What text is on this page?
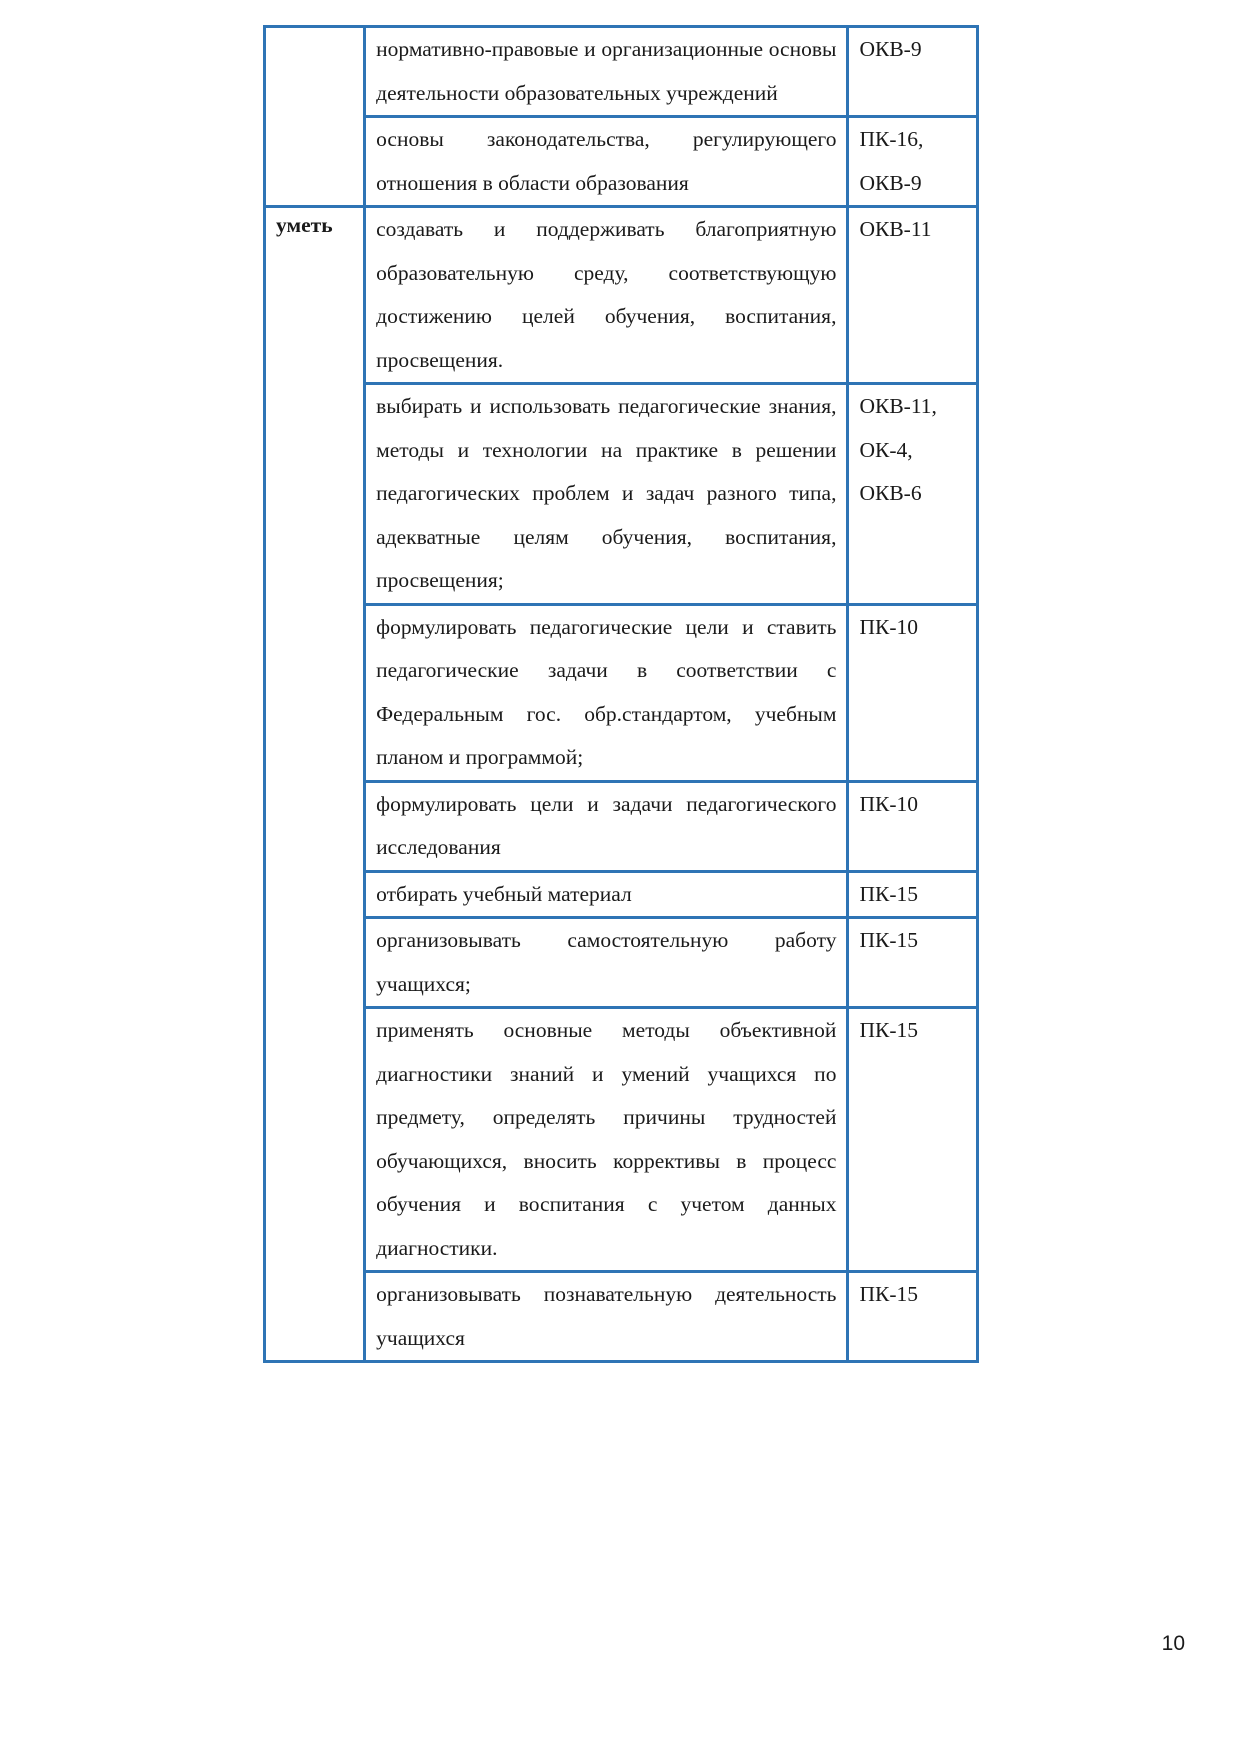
	нормативно-правовые и организационные основы деятельности образовательных учреждений	ОКВ-9

	основы законодательства, регулирующего отношения в области образования	ПК-16,
ОКВ-9

уметь	создавать и поддерживать благоприятную образовательную среду, соответствующую достижению целей обучения, воспитания, просвещения.	ОКВ-11

	выбирать и использовать педагогические знания, методы и технологии на практике в решении педагогических проблем и задач разного типа, адекватные целям обучения, воспитания, просвещения;	ОКВ-11,
ОК-4,
ОКВ-6

	формулировать педагогические цели и ставить педагогические задачи в соответствии с Федеральным гос. обр.стандартом, учебным планом и программой;	ПК-10

	формулировать цели и задачи педагогического исследования	ПК-10

	отбирать учебный материал	ПК-15

	организовывать самостоятельную работу учащихся;	ПК-15

	применять основные методы объективной диагностики знаний и умений учащихся по предмету, определять причины трудностей обучающихся, вносить коррективы в процесс обучения и воспитания с учетом данных диагностики.	ПК-15

	организовывать познавательную деятельность учащихся	ПК-15
10
